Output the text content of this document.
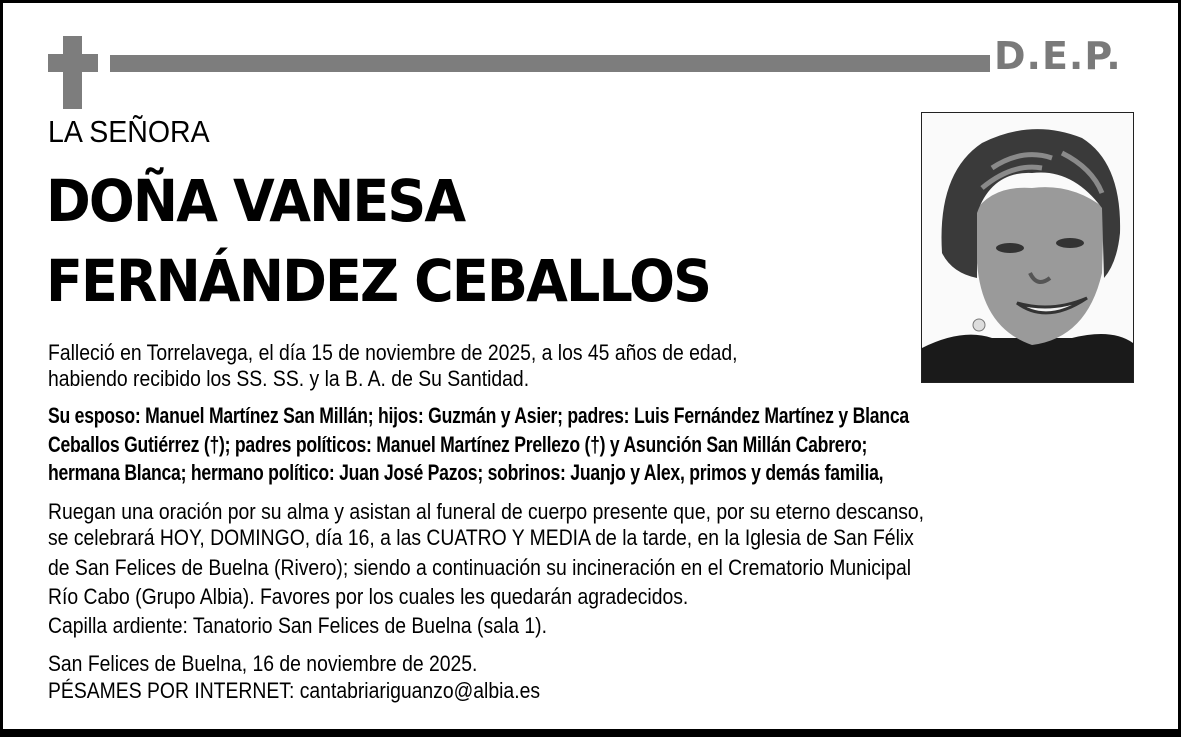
D.E.P.
LA SEÑORA
DOÑA VANESA
FERNÁNDEZ CEBALLOS
Falleció en Torrelavega, el día 15 de noviembre de 2025, a los 45 años de edad,
habiendo recibido los SS. SS. y la B. A. de Su Santidad.
Su esposo: Manuel Martínez San Millán; hijos: Guzmán y Asier; padres: Luis Fernández Martínez y Blanca
Ceballos Gutiérrez (†); padres políticos: Manuel Martínez Prellezo (†) y Asunción San Millán Cabrero;
hermana Blanca; hermano político: Juan José Pazos; sobrinos: Juanjo y Alex, primos y demás familia,
Ruegan una oración por su alma y asistan al funeral de cuerpo presente que, por su eterno descanso,
se celebrará HOY, DOMINGO, día 16, a las CUATRO Y MEDIA de la tarde, en la Iglesia de San Félix
de San Felices de Buelna (Rivero); siendo a continuación su incineración en el Crematorio Municipal
Río Cabo (Grupo Albia). Favores por los cuales les quedarán agradecidos.
Capilla ardiente: Tanatorio San Felices de Buelna (sala 1).
San Felices de Buelna, 16 de noviembre de 2025.
PÉSAMES POR INTERNET: cantabriariguanzo@albia.es
